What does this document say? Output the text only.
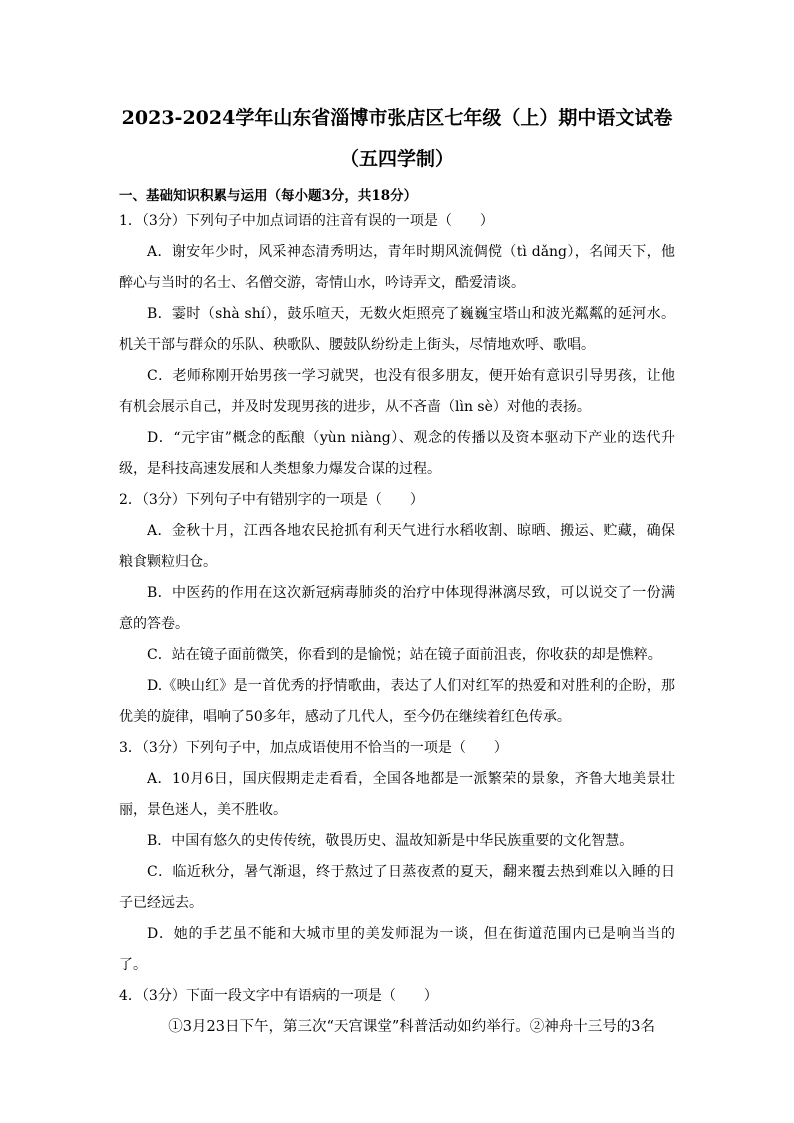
2023-2024学年山东省淄博市张店区七年级（上）期中语文试卷
（五四学制）
一、基础知识积累与运用（每小题3分，共18分）
1．（3分）下列句子中加点词语的注音有误的一项是（　　）
A．谢安年少时，风采神态清秀明达，青年时期风流倜傥（tì dǎng），名闻天下，他醉心与当时的名士、名僧交游，寄情山水，吟诗弄文，酷爱清谈。
B．霎时（shà shí），鼓乐喧天，无数火炬照亮了巍巍宝塔山和波光粼粼的延河水。机关干部与群众的乐队、秧歌队、腰鼓队纷纷走上街头，尽情地欢呼、歌唱。
C．老师称刚开始男孩一学习就哭，也没有很多朋友，便开始有意识引导男孩，让他有机会展示自己，并及时发现男孩的进步，从不吝啬（lìn sè）对他的表扬。
D．“元宇宙”概念的酝酿（yùn niàng）、观念的传播以及资本驱动下产业的迭代升级，是科技高速发展和人类想象力爆发合谋的过程。
2．（3分）下列句子中有错别字的一项是（　　）
A．金秋十月，江西各地农民抢抓有利天气进行水稻收割、晾晒、搬运、贮藏，确保粮食颗粒归仓。
B．中医药的作用在这次新冠病毒肺炎的治疗中体现得淋漓尽致，可以说交了一份满意的答卷。
C．站在镜子面前微笑，你看到的是愉悦；站在镜子面前沮丧，你收获的却是憔粹。
D.《映山红》是一首优秀的抒情歌曲，表达了人们对红军的热爱和对胜利的企盼，那优美的旋律，唱响了50多年，感动了几代人，至今仍在继续着红色传承。
3．（3分）下列句子中，加点成语使用不恰当的一项是（　　）
A．10月6日，国庆假期走走看看，全国各地都是一派繁荣的景象，齐鲁大地美景壮丽，景色迷人，美不胜收。
B．中国有悠久的史传传统，敬畏历史、温故知新是中华民族重要的文化智慧。
C．临近秋分，暑气渐退，终于熬过了日蒸夜煮的夏天，翻来覆去热到难以入睡的日子已经远去。
D．她的手艺虽不能和大城市里的美发师混为一谈，但在街道范围内已是响当当的了。
4．（3分）下面一段文字中有语病的一项是（　　）
①3月23日下午，第三次“天宫课堂”科普活动如约举行。②神舟十三号的3名
